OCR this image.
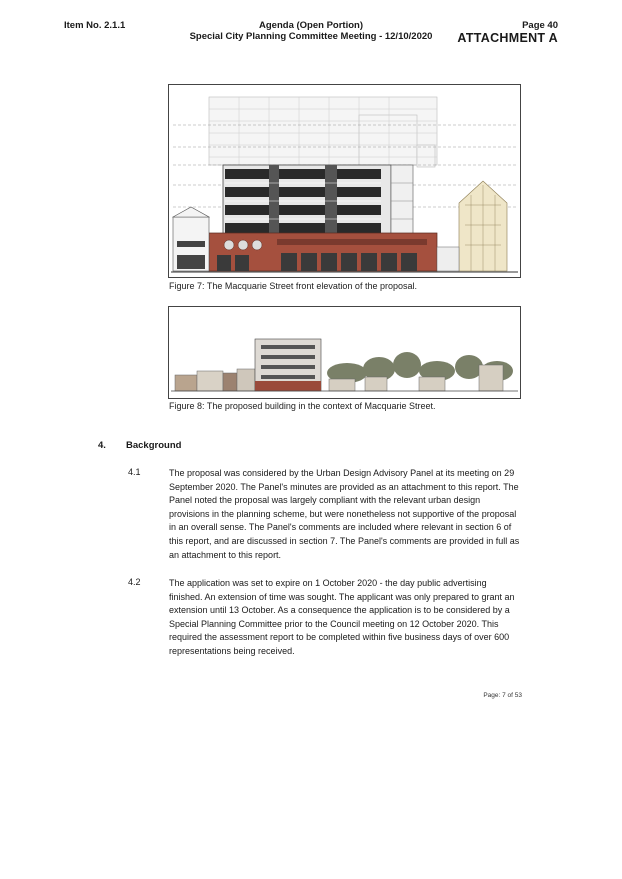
Item No. 2.1.1	Agenda (Open Portion)
Special City Planning Committee Meeting - 12/10/2020
Page 40
ATTACHMENT A
Figure 7: The Macquarie Street front elevation of the proposal.
Figure 8: The proposed building in the context of Macquarie Street.
4. Background
4.1	The proposal was considered by the Urban Design Advisory Panel at its meeting on 29 September 2020. The Panel's minutes are provided as an attachment to this report. The Panel noted the proposal was largely compliant with the relevant urban design provisions in the planning scheme, but were nonetheless not supportive of the proposal in an overall sense. The Panel's comments are included where relevant in section 6 of this report, and are discussed in section 7. The Panel's comments are provided in full as an attachment to this report.
4.2	The application was set to expire on 1 October 2020 - the day public advertising finished. An extension of time was sought. The applicant was only prepared to grant an extension until 13 October. As a consequence the application is to be considered by a Special Planning Committee prior to the Council meeting on 12 October 2020. This required the assessment report to be completed within five business days of over 600 representations being received.
Page: 7 of 53
